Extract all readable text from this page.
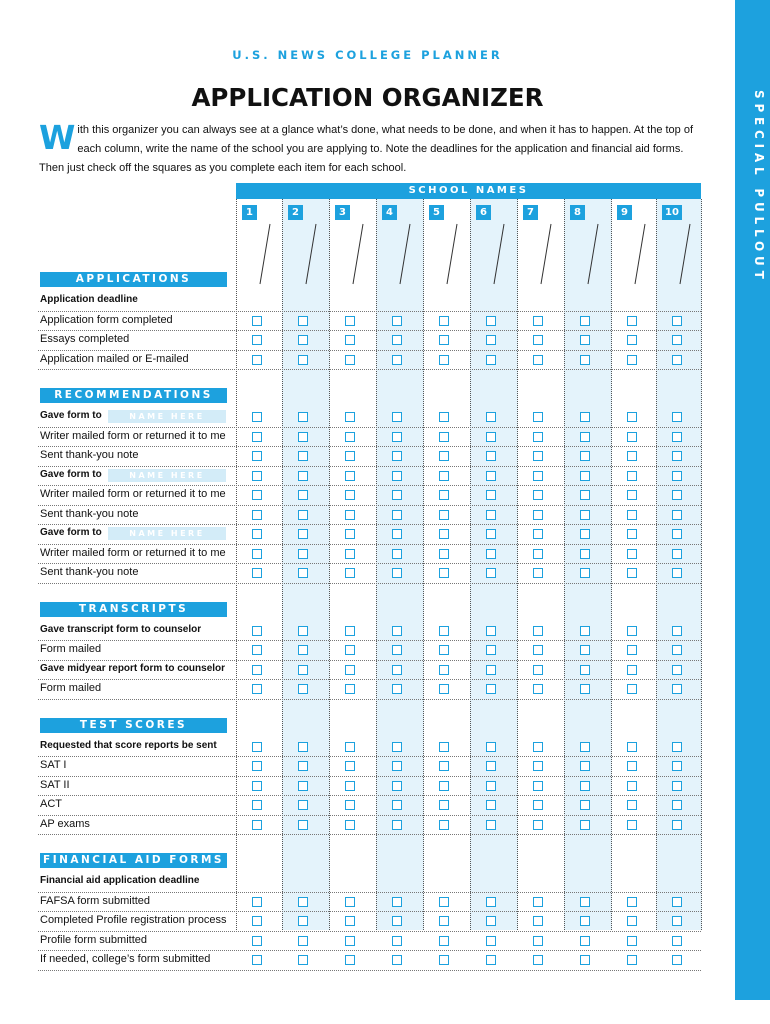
SPECIAL PULLOUT
U.S. NEWS COLLEGE PLANNER
APPLICATION ORGANIZER
With this organizer you can always see at a glance what’s done, what needs to be done, and when it has to happen. At the top of each column, write the name of the school you are applying to. Note the deadlines for the application and financial aid forms. Then just check off the squares as you complete each item for each school.
SCHOOL NAMES
1	2	3	4	5	6	7	8	9	10
APPLICATIONS
Application deadline
Application form completed
Essays completed
Application mailed or E-mailed
RECOMMENDATIONS
Gave form to	NAME HERE
Writer mailed form or returned it to me
Sent thank-you note
Gave form to	NAME HERE
Writer mailed form or returned it to me
Sent thank-you note
Gave form to	NAME HERE
Writer mailed form or returned it to me
Sent thank-you note
TRANSCRIPTS
Gave transcript form to counselor
Form mailed
Gave midyear report form to counselor
Form mailed
TEST SCORES
Requested that score reports be sent
SAT I
SAT II
ACT
AP exams
FINANCIAL AID FORMS
Financial aid application deadline
FAFSA form submitted
Completed Profile registration process
Profile form submitted
If needed, college’s form submitted
